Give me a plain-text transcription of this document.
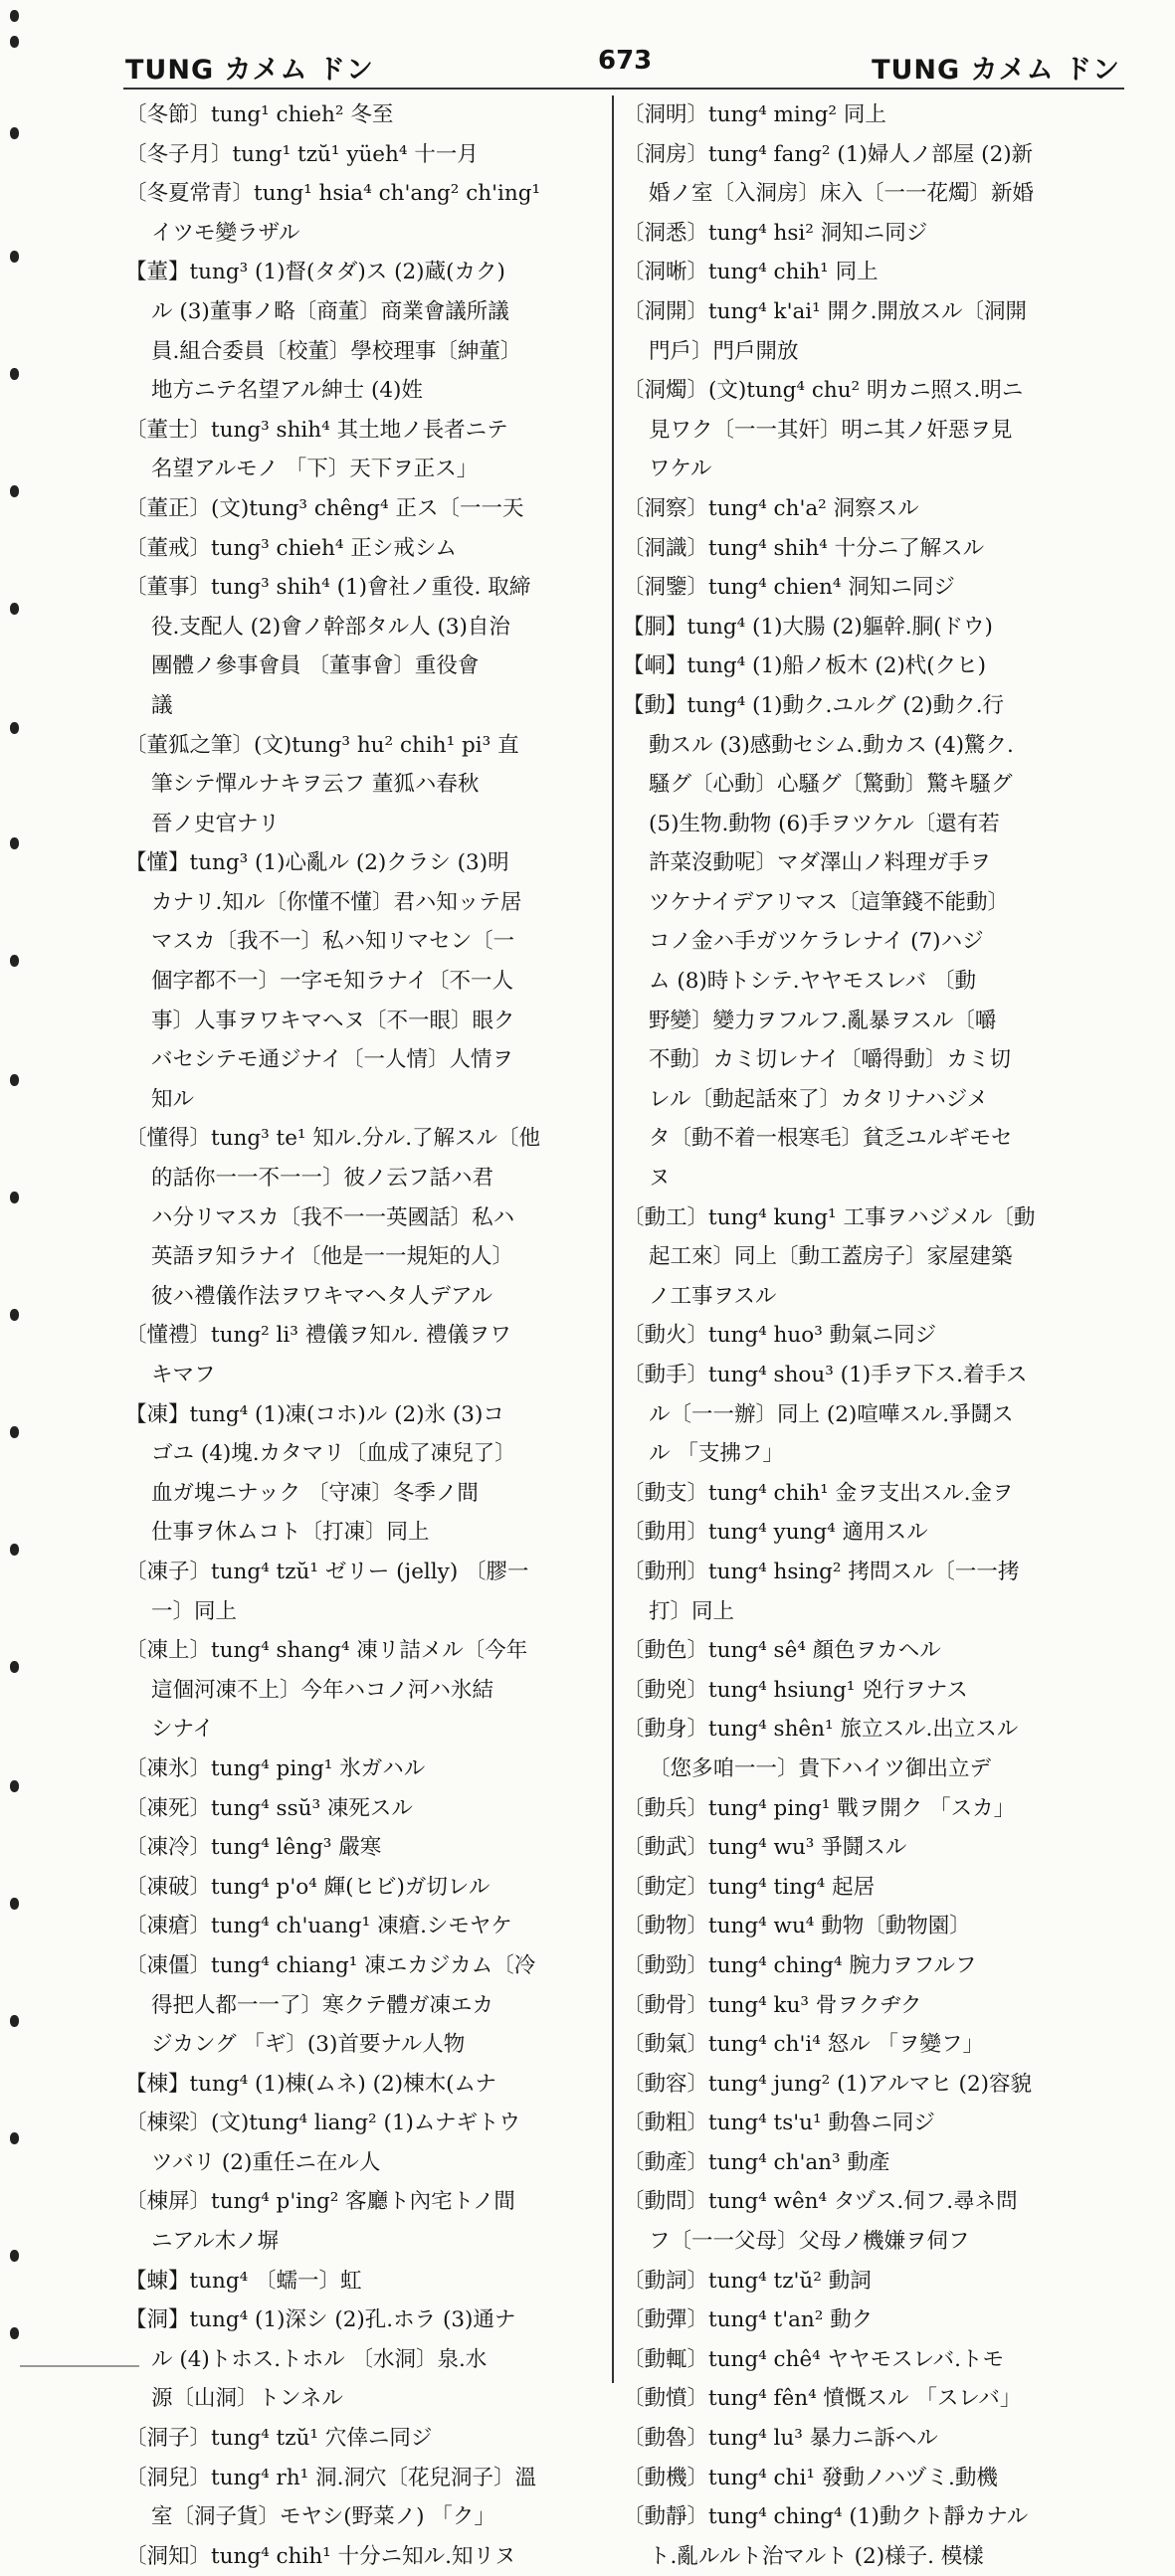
TUNG カメム ドン	673	TUNG カメム ドン
〔冬節〕tung¹ chieh² 冬至
〔冬子月〕tung¹ tzŭ¹ yüeh⁴ 十一月
〔冬夏常青〕tung¹ hsia⁴ ch'ang² ch'ing¹
イツモ變ラザル
【董】tung³ (1)督(タダ)ス (2)蔵(カク)
ル (3)董事ノ略〔商董〕商業會議所議
員.組合委員〔校董〕學校理事〔紳董〕
地方ニテ名望アル紳士 (4)姓
〔董士〕tung³ shih⁴ 其土地ノ長者ニテ
名望アルモノ 「下〕天下ヲ正ス」
〔董正〕(文)tung³ chêng⁴ 正ス〔一一天
〔董戒〕tung³ chieh⁴ 正シ戒シム
〔董事〕tung³ shih⁴ (1)會社ノ重役. 取締
役.支配人 (2)會ノ幹部タル人 (3)自治
團體ノ參事會員 〔董事會〕重役會
議
〔董狐之筆〕(文)tung³ hu² chih¹ pi³ 直
筆シテ憚ルナキヲ云フ 董狐ハ春秋
晉ノ史官ナリ
【懂】tung³ (1)心亂ル (2)クラシ (3)明
カナリ.知ル〔你懂不懂〕君ハ知ッテ居
マスカ〔我不一〕私ハ知リマセン〔一
個字都不一〕一字モ知ラナイ〔不一人
事〕人事ヲワキマヘヌ〔不一眼〕眼ク
バセシテモ通ジナイ〔一人情〕人情ヲ
知ル
〔懂得〕tung³ te¹ 知ル.分ル.了解スル〔他
的話你一一不一一〕彼ノ云フ話ハ君
ハ分リマスカ〔我不一一英國話〕私ハ
英語ヲ知ラナイ〔他是一一規矩的人〕
彼ハ禮儀作法ヲワキマヘタ人デアル
〔懂禮〕tung² li³ 禮儀ヲ知ル. 禮儀ヲワ
キマフ
【凍】tung⁴ (1)凍(コホ)ル (2)氷 (3)コ
ゴユ (4)塊.カタマリ〔血成了凍兒了〕
血ガ塊ニナック 〔守凍〕冬季ノ間
仕事ヲ休ムコト〔打凍〕同上
〔凍子〕tung⁴ tzŭ¹ ゼリー (jelly) 〔膠一
一〕同上
〔凍上〕tung⁴ shang⁴ 凍リ詰メル〔今年
這個河凍不上〕今年ハコノ河ハ氷結
シナイ
〔凍氷〕tung⁴ ping¹ 氷ガハル
〔凍死〕tung⁴ ssŭ³ 凍死スル
〔凍冷〕tung⁴ lêng³ 嚴寒
〔凍破〕tung⁴ p'o⁴ 皹(ヒビ)ガ切レル
〔凍瘡〕tung⁴ ch'uang¹ 凍瘡.シモヤケ
〔凍僵〕tung⁴ chiang¹ 凍エカジカム〔冷
得把人都一一了〕寒クテ體ガ凍エカ
ジカング 「ギ〕(3)首要ナル人物
【棟】tung⁴ (1)棟(ムネ) (2)棟木(ムナ
〔棟梁〕(文)tung⁴ liang² (1)ムナギトウ
ツバリ (2)重任ニ在ル人
〔棟屏〕tung⁴ p'ing² 客廳ト內宅トノ間
ニアル木ノ塀
【蝀】tung⁴ 〔蠕一〕虹
【洞】tung⁴ (1)深シ (2)孔.ホラ (3)通ナ
ル (4)トホス.トホル 〔水洞〕泉.水
源〔山洞〕トンネル
〔洞子〕tung⁴ tzŭ¹ 穴倖ニ同ジ
〔洞兒〕tung⁴ rh¹ 洞.洞穴〔花兒洞子〕溫
室〔洞子貨〕モヤシ(野菜ノ) 「ク」
〔洞知〕tung⁴ chih¹ 十分ニ知ル.知リヌ
〔洞明〕tung⁴ ming² 同上
〔洞房〕tung⁴ fang² (1)婦人ノ部屋 (2)新
婚ノ室〔入洞房〕床入〔一一花燭〕新婚
〔洞悉〕tung⁴ hsi² 洞知ニ同ジ
〔洞晰〕tung⁴ chih¹ 同上
〔洞開〕tung⁴ k'ai¹ 開ク.開放スル〔洞開
門戶〕門戶開放
〔洞燭〕(文)tung⁴ chu² 明カニ照ス.明ニ
見ワク〔一一其奸〕明ニ其ノ奸惡ヲ見
ワケル
〔洞察〕tung⁴ ch'a² 洞察スル
〔洞識〕tung⁴ shih⁴ 十分ニ了解スル
〔洞鑒〕tung⁴ chien⁴ 洞知ニ同ジ
【胴】tung⁴ (1)大腸 (2)軀幹.胴(ドウ)
【峒】tung⁴ (1)船ノ板木 (2)杙(クヒ)
【動】tung⁴ (1)動ク.ユルグ (2)動ク.行
動スル (3)感動セシム.動カス (4)驚ク.
騷グ〔心動〕心騷グ〔驚動〕驚キ騷グ
(5)生物.動物 (6)手ヲツケル〔還有若
許菜沒動呢〕マダ澤山ノ料理ガ手ヲ
ツケナイデアリマス〔這筆錢不能動〕
コノ金ハ手ガツケラレナイ (7)ハジ
ム (8)時トシテ.ヤヤモスレバ 〔動
野變〕變力ヲフルフ.亂暴ヲスル〔嚼
不動〕カミ切レナイ〔嚼得動〕カミ切
レル〔動起話來了〕カタリナハジメ
タ〔動不着一根寒毛〕貧乏ユルギモセ
ヌ
〔動工〕tung⁴ kung¹ 工事ヲハジメル〔動
起工來〕同上〔動工蓋房子〕家屋建築
ノ工事ヲスル
〔動火〕tung⁴ huo³ 動氣ニ同ジ
〔動手〕tung⁴ shou³ (1)手ヲ下ス.着手ス
ル〔一一辦〕同上 (2)喧嘩スル.爭鬪ス
ル 「支拂フ」
〔動支〕tung⁴ chih¹ 金ヲ支出スル.金ヲ
〔動用〕tung⁴ yung⁴ 適用スル
〔動刑〕tung⁴ hsing² 拷問スル〔一一拷
打〕同上
〔動色〕tung⁴ sê⁴ 顏色ヲカヘル
〔動兇〕tung⁴ hsiung¹ 兇行ヲナス
〔動身〕tung⁴ shên¹ 旅立スル.出立スル
〔您多咱一一〕貴下ハイツ御出立デ
〔動兵〕tung⁴ ping¹ 戰ヲ開ク 「スカ」
〔動武〕tung⁴ wu³ 爭鬪スル
〔動定〕tung⁴ ting⁴ 起居
〔動物〕tung⁴ wu⁴ 動物〔動物園〕
〔動勁〕tung⁴ ching⁴ 腕力ヲフルフ
〔動骨〕tung⁴ ku³ 骨ヲクヂク
〔動氣〕tung⁴ ch'i⁴ 怒ル 「ヲ變フ」
〔動容〕tung⁴ jung² (1)アルマヒ (2)容貌
〔動粗〕tung⁴ ts'u¹ 動魯ニ同ジ
〔動產〕tung⁴ ch'an³ 動產
〔動問〕tung⁴ wên⁴ タヅス.伺フ.尋ネ問
フ〔一一父母〕父母ノ機嫌ヲ伺フ
〔動詞〕tung⁴ tz'ŭ² 動詞
〔動彈〕tung⁴ t'an² 動ク
〔動輒〕tung⁴ chê⁴ ヤヤモスレバ.トモ
〔動憤〕tung⁴ fên⁴ 憤慨スル 「スレバ」
〔動魯〕tung⁴ lu³ 暴力ニ訴ヘル
〔動機〕tung⁴ chi¹ 發動ノハヅミ.動機
〔動靜〕tung⁴ ching⁴ (1)動クト靜カナル
ト.亂ルルト治マルト (2)様子. 模樣
